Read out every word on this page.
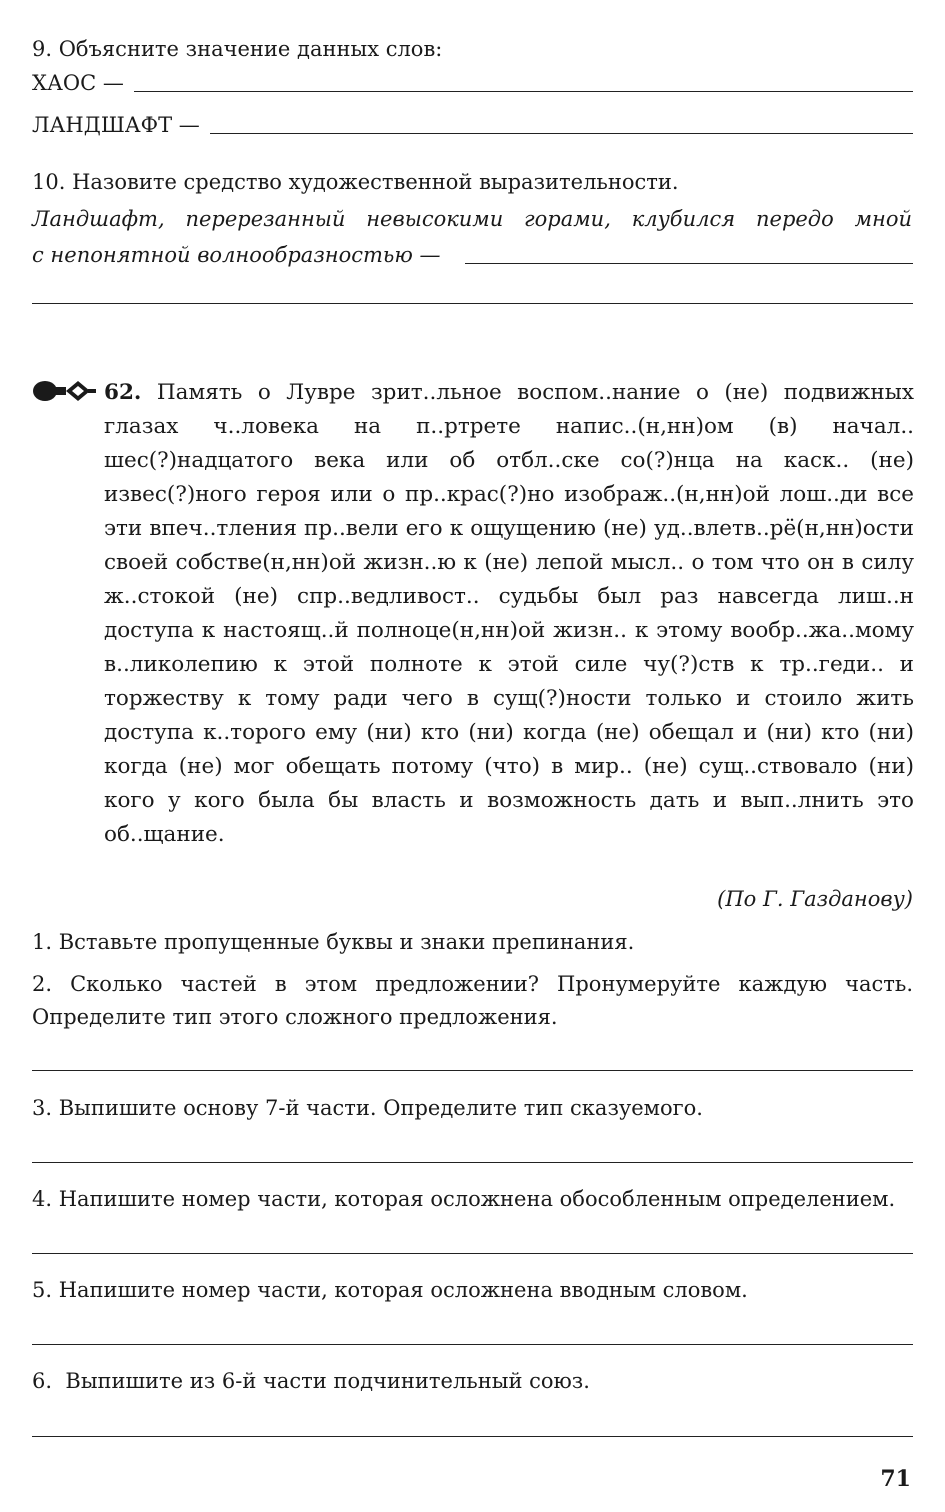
9. Объясните значение данных слов:
ХАОС —
ЛАНДШАФТ —
10. Назовите средство художественной выразительности.
Ландшафт, перерезанный невысокими горами, клубился передо мной
с непонятной волнообразностью —

62. Память о Лувре зрит..льное воспом..нание о (не) подвижных глазах ч..ловека на п..ртрете напис..(н,нн)ом (в) начал.. шес(?)надцатого века или об отбл..ске со(?)нца на каск.. (не) извес(?)ного героя или о пр..крас(?)но изображ..(н,нн)ой лош..ди все эти впеч..тления пр..вели его к ощущению (не) уд..влетв..рё(н,нн)ости своей собстве(н,нн)ой жизн..ю к (не) лепой мысл.. о том что он в силу ж..стокой (не) спр..ведливост.. судьбы был раз навсегда лиш..н доступа к настоящ..й полноце(н,нн)ой жизн.. к этому вообр..жа..мому в..ликолепию к этой полноте к этой силе чу(?)ств к тр..геди.. и торжеству к тому ради чего в сущ(?)ности только и стоило жить доступа к..торого ему (ни) кто (ни) когда (не) обещал и (ни) кто (ни) когда (не) мог обещать потому (что) в мир.. (не) сущ..ствовало (ни) кого у кого была бы власть и возможность дать и вып..лнить это об..щание.

(По Г. Газданову)
1. Вставьте пропущенные буквы и знаки препинания.
2. Сколько частей в этом предложении? Пронумеруйте каждую часть. Определите тип этого сложного предложения.
3. Выпишите основу 7-й части. Определите тип сказуемого.
4. Напишите номер части, которая осложнена обособленным определением.
5. Напишите номер части, которая осложнена вводным словом.
6.  Выпишите из 6-й части подчинительный союз.
71
